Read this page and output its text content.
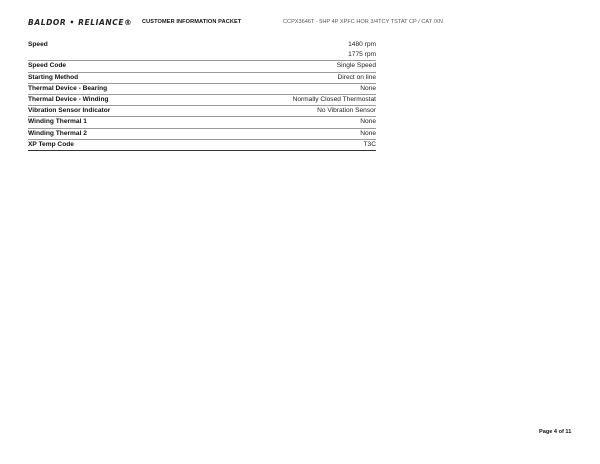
BALDOR • RELIANCE® CUSTOMER INFORMATION PACKET	CCPX3646T - 5HP 4P XPFC HOR 3/4TCY TSTAT CP / CAT /XN
Speed	1480 rpm
	1775 rpm
Speed Code	Single Speed
Starting Method	Direct on line
Thermal Device - Bearing	None
Thermal Device - Winding	Normally Closed Thermostat
Vibration Sensor Indicator	No Vibration Sensor
Winding Thermal 1	None
Winding Thermal 2	None
XP Temp Code	T3C
Page 4 of 11
